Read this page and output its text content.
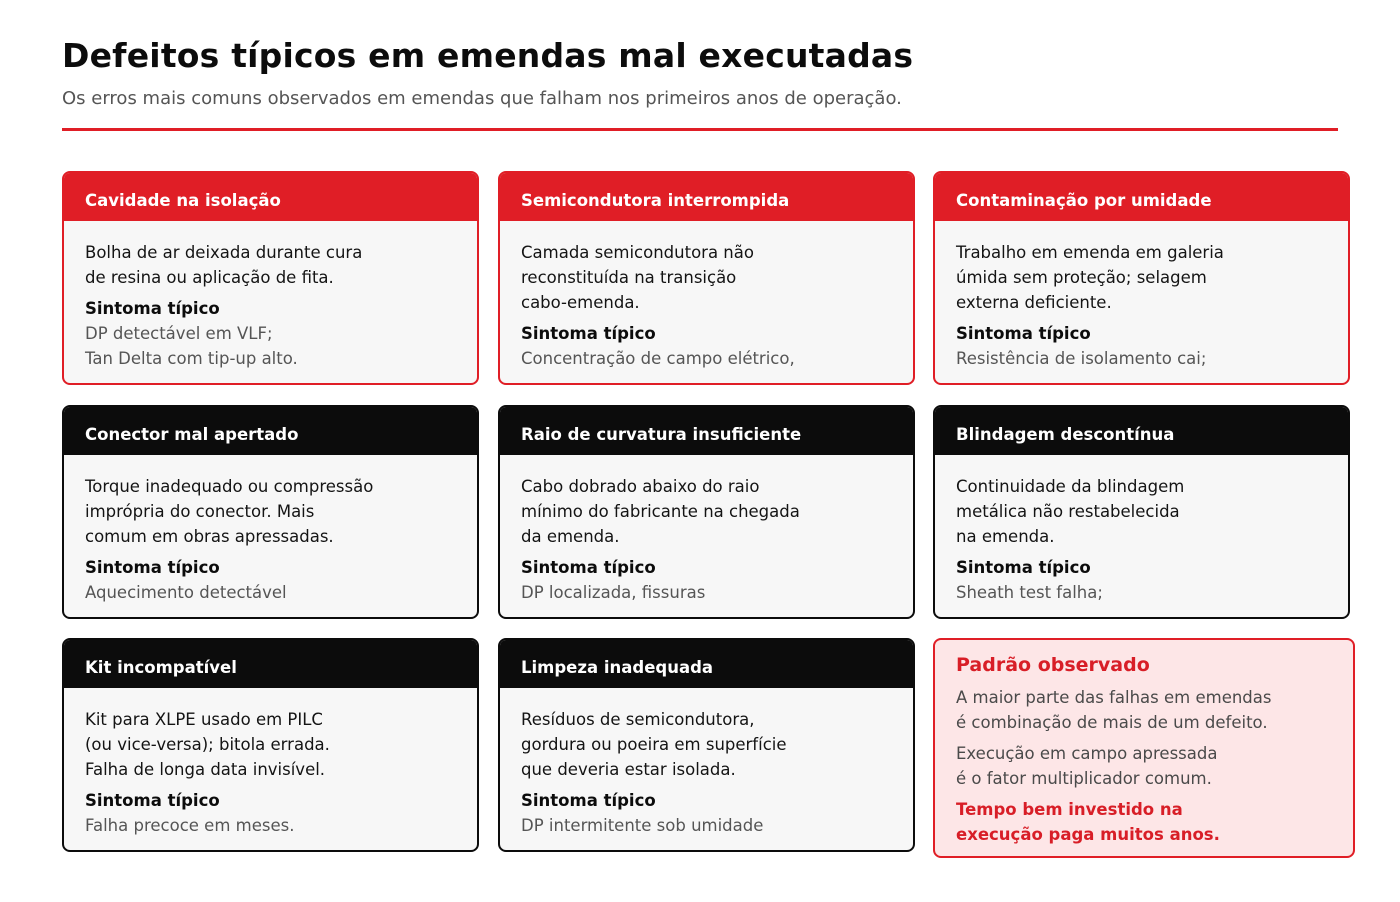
Defeitos típicos em emendas mal executadas

Os erros mais comuns observados em emendas que falham nos primeiros anos de operação.

Cavidade na isolação

Bolha de ar deixada durante cura
de resina ou aplicação de fita.

Sintoma típico

DP detectável em VLF;
Tan Delta com tip-up alto.

Semicondutora interrompida

Camada semicondutora não
reconstituída na transição
cabo-emenda.

Sintoma típico

Concentração de campo elétrico,

Contaminação por umidade

Trabalho em emenda em galeria
úmida sem proteção; selagem
externa deficiente.

Sintoma típico

Resistência de isolamento cai;

Conector mal apertado

Torque inadequado ou compressão
imprópria do conector. Mais
comum em obras apressadas.

Sintoma típico

Aquecimento detectável

Raio de curvatura insuficiente

Cabo dobrado abaixo do raio
mínimo do fabricante na chegada
da emenda.

Sintoma típico

DP localizada, fissuras

Blindagem descontínua

Continuidade da blindagem
metálica não restabelecida
na emenda.

Sintoma típico

Sheath test falha;

Kit incompatível

Kit para XLPE usado em PILC
(ou vice-versa); bitola errada.
Falha de longa data invisível.

Sintoma típico

Falha precoce em meses.

Limpeza inadequada

Resíduos de semicondutora,
gordura ou poeira em superfície
que deveria estar isolada.

Sintoma típico

DP intermitente sob umidade

Padrão observado

A maior parte das falhas em emendas
é combinação de mais de um defeito.

Execução em campo apressada
é o fator multiplicador comum.

Tempo bem investido na
execução paga muitos anos.
